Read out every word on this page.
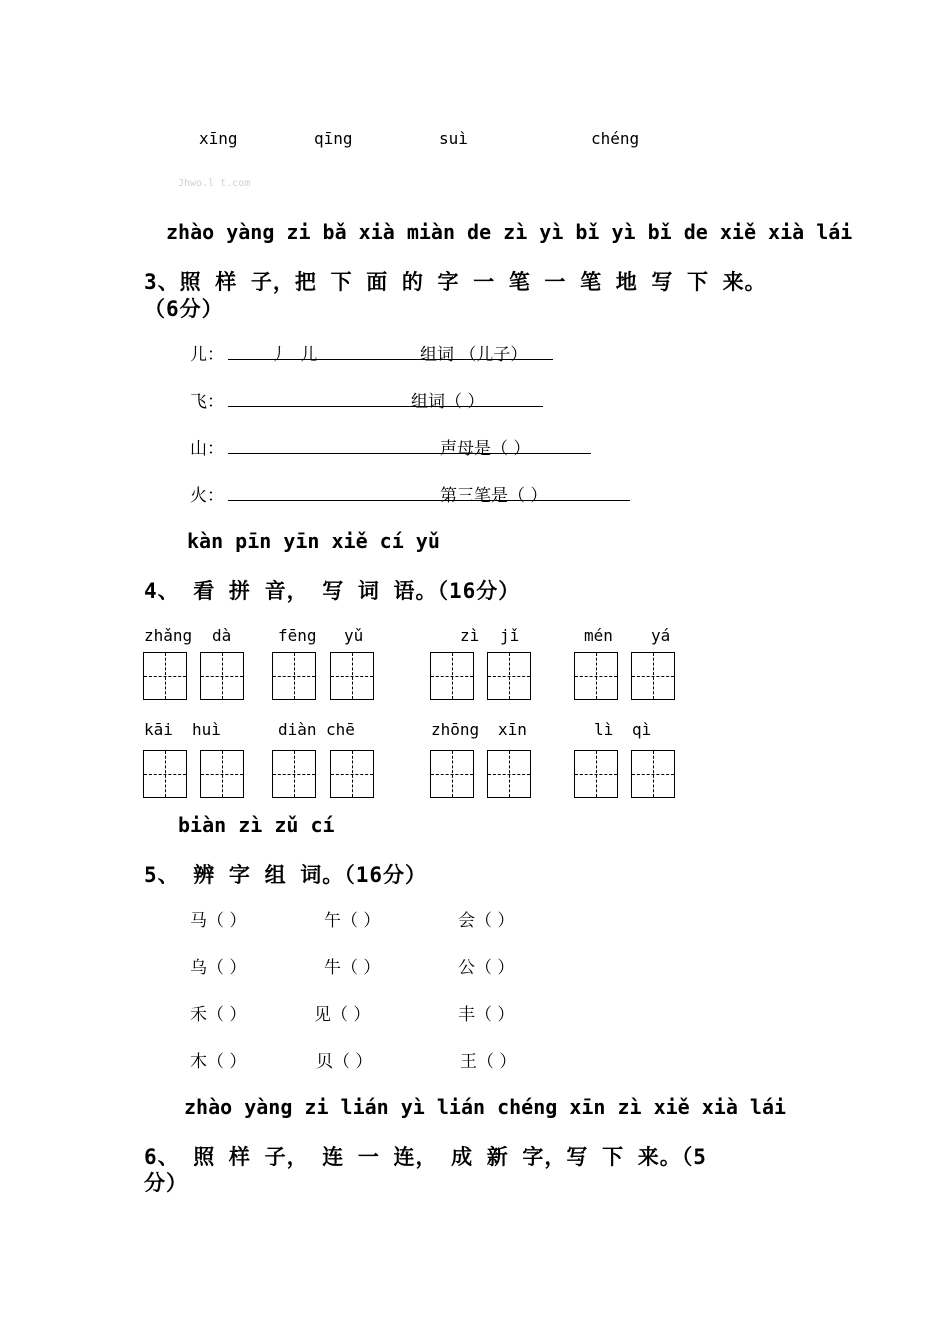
xīng	qīng	suì	chéng
Jhwo.l t.com
zhào yàng zi bǎ xià miàn de zì yì bǐ yì bǐ de xiě xià lái
3、照 样 子，把 下 面 的 字 一 笔 一 笔 地 写 下 来。
（6分）
儿：	丿 儿	组词 （儿子）
飞：	组词（ ）
山：	声母是（ ）
火：	第三笔是（ ）
kàn pīn yīn xiě cí yǔ
4、 看 拼 音， 写 词 语。（16分）
zhǎng dà	fēng yǔ	zì jǐ	mén yá
kāi huì	diàn chē	zhōng xīn	lì qì
biàn zì zǔ cí
5、 辨 字 组 词。（16分）
马（ ）	午（ ）	会（ ）
乌（ ）	牛（ ）	公（ ）
禾（ ）	见（ ）	丰（ ）
木（ ）	贝（ ）	王（ ）
zhào yàng zi lián yì lián chéng xīn zì xiě xià lái
6、 照 样 子， 连 一 连， 成 新 字，写 下 来。（5
分）
